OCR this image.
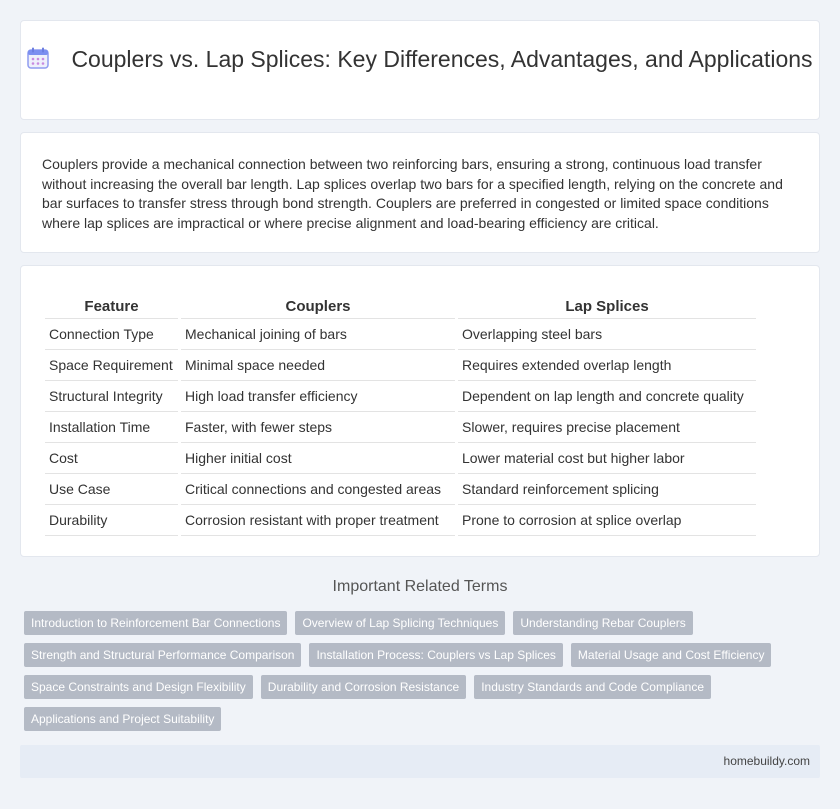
Couplers vs. Lap Splices: Key Differences, Advantages, and Applications

Couplers provide a mechanical connection between two reinforcing bars, ensuring a strong, continuous load transfer without increasing the overall bar length. Lap splices overlap two bars for a specified length, relying on the concrete and bar surfaces to transfer stress through bond strength. Couplers are preferred in congested or limited space conditions where lap splices are impractical or where precise alignment and load-bearing efficiency are critical.

Feature	Couplers	Lap Splices
Connection Type	Mechanical joining of bars	Overlapping steel bars
Space Requirement	Minimal space needed	Requires extended overlap length
Structural Integrity	High load transfer efficiency	Dependent on lap length and concrete quality
Installation Time	Faster, with fewer steps	Slower, requires precise placement
Cost	Higher initial cost	Lower material cost but higher labor
Use Case	Critical connections and congested areas	Standard reinforcement splicing
Durability	Corrosion resistant with proper treatment	Prone to corrosion at splice overlap
Important Related Terms
Introduction to Reinforcement Bar Connections	Overview of Lap Splicing Techniques	Understanding Rebar Couplers
Strength and Structural Performance Comparison	Installation Process: Couplers vs Lap Splices	Material Usage and Cost Efficiency
Space Constraints and Design Flexibility	Durability and Corrosion Resistance	Industry Standards and Code Compliance
Applications and Project Suitability
homebuildy.com
